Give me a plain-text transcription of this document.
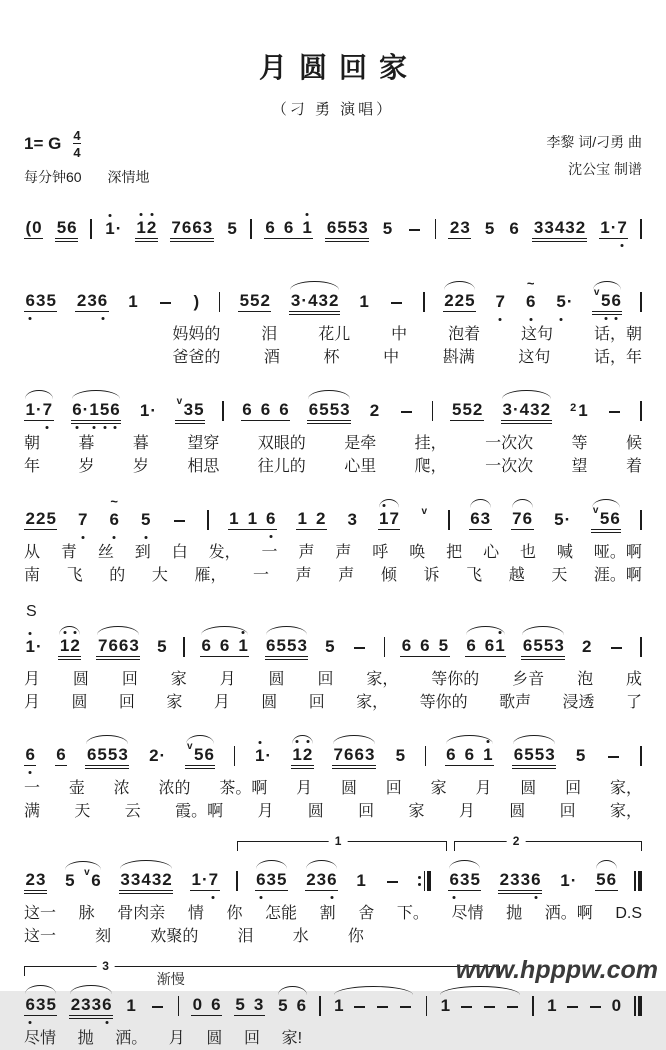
月圆回家
（刁 勇 演唱）
1= G $\frac{4}{4}$
每分钟60 深情地
李黎 词/刁勇 曲
沈公宝 制谱
( 0 5 6 1 · 1 2 7 6 6 3 5 6 6 1 6 5 5 3 5	2 3 5 6 3 3 4 3 2 1 · 7
6 3 5 2 3 6 1	) 5 5 2 3 · 4 3 2 1	2 2 5 7 6
~
5 · v 5 6
妈妈的	泪	花儿	中	泡着	这句	话，朝
爸爸的	酒	杯	中	斟满	这句	话，年
1 · 7 6 · 1 5 6 1 · v 3 5 6 6 6 6 5 5 3 2	5 5 2 3 · 4 3 2 2 1
朝 暮 暮 望穿 双眼的 是牵 挂， 一次次 等 候
年 岁 岁 相思 往儿的 心里 爬， 一次次 望 着
2 2 5 7 6
~
5	1 1 6 1 2 3 1 7 v	6 3 7 6 5 · v 5 6
从 青 丝 到 白 发， 一 声 声 呼 唤 把 心 也 喊 哑。啊
南 飞 的 大 雁， 一 声 声 倾 诉 飞 越 天 涯。啊
S
1 · 1 2 7 6 6 3 5 6 6 1 6 5 5 3 5	6 6 5 6 6 1 6 5 5 3 2
月 圆 回 家 月 圆 回 家， 等你的 乡音 泡 成
月 圆 回 家 月 圆 回 家， 等你的 歌声 浸透 了
6 6 6 5 5 3 2 · v 5 6 1 · 1 2 7 6 6 3 5 6 6 1 6 5 5 3 5
一 壶 浓 浓的 茶。啊 月 圆 回 家 月 圆 回 家，
满 天 云 霞。啊 月 圆 回 家 月 圆 回 家，
1	2
2 3 5 v 6 3 3 4 3 2 1 · 7 6 3 5 2 3 6 1	6 3 5 2 3 3 6 1 · 5 6
这一 脉 骨肉亲 情 你 怎能 割 舍 下。 尽情 抛 洒。啊 D.S
这一 刻 欢聚的 泪 水 你
3
渐慢
6 3 5 2 3 3 6 1	0 6 5 3 5 6 1	1	1	0
尽情 抛 洒。 月 圆 回 家!
www.hpppw.com
